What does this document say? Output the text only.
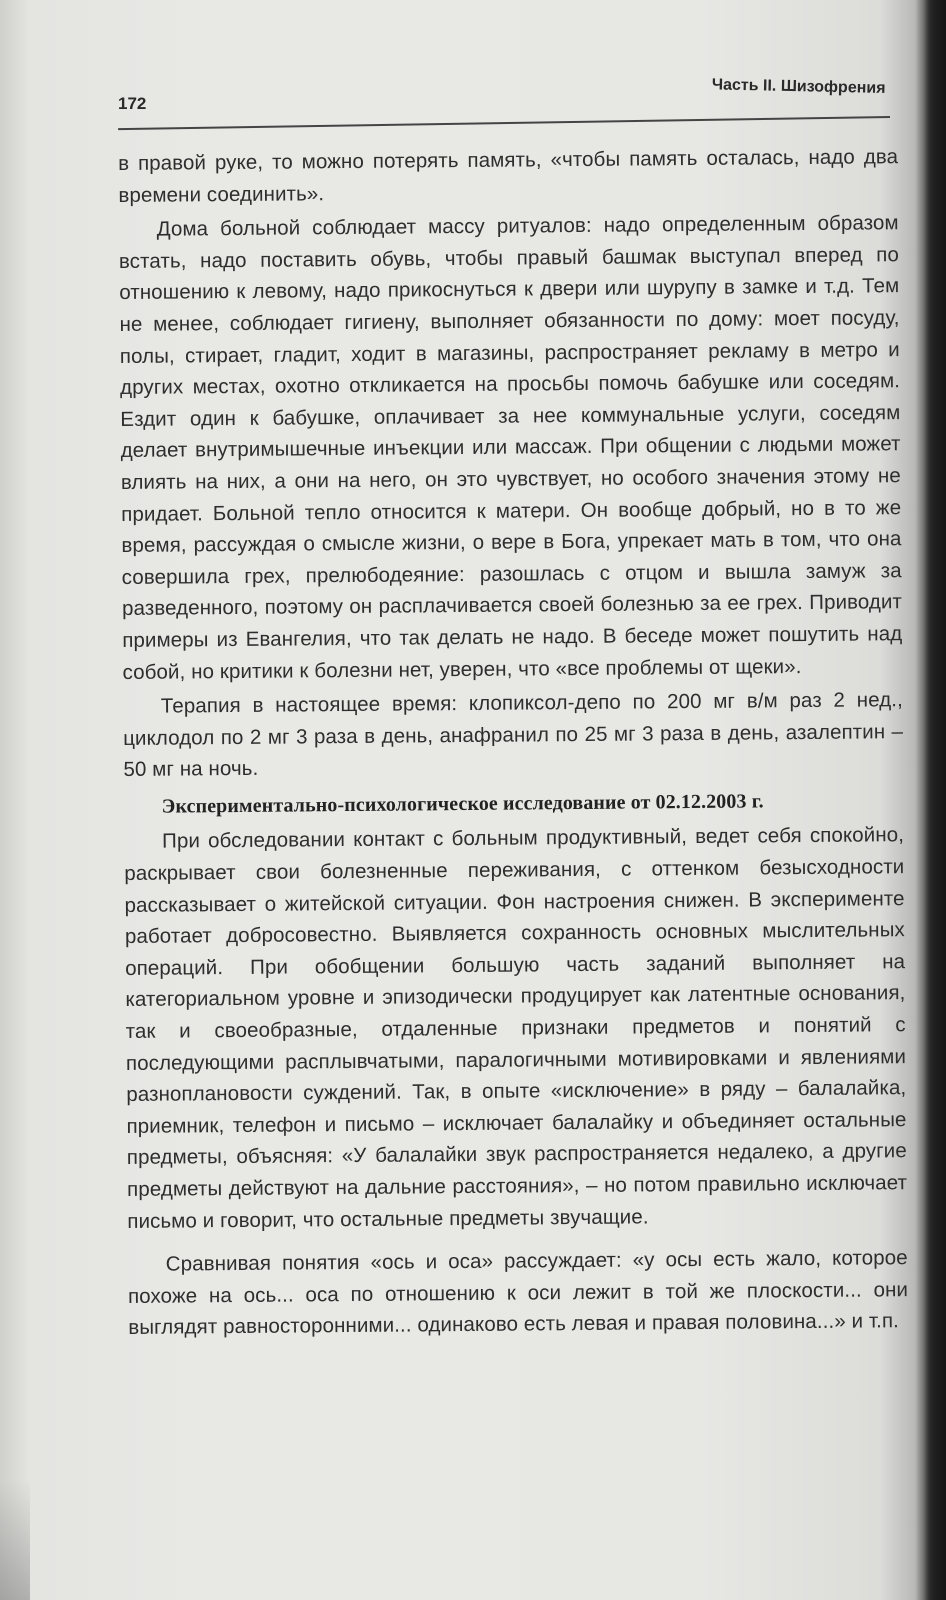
172
Часть II. Шизофрения

в правой руке, то можно потерять память, «чтобы память осталась, надо два времени соединить».

Дома больной соблюдает массу ритуалов: надо определенным образом встать, надо поставить обувь, чтобы правый башмак выступал вперед по отношению к левому, надо прикоснуться к двери или шурупу в замке и т.д. Тем не менее, соблюдает гигиену, выполняет обязанности по дому: моет посуду, полы, стирает, гладит, ходит в магазины, распространяет рекламу в метро и других местах, охотно откликается на просьбы помочь бабушке или соседям. Ездит один к бабушке, оплачивает за нее коммунальные услуги, соседям делает внутримышечные инъекции или массаж. При общении с людьми может влиять на них, а они на него, он это чувствует, но особого значения этому не придает. Больной тепло относится к матери. Он вообще добрый, но в то же время, рассуждая о смысле жизни, о вере в Бога, упрекает мать в том, что она совершила грех, прелюбодеяние: разошлась с отцом и вышла замуж за разведенного, поэтому он расплачивается своей болезнью за ее грех. Приводит примеры из Евангелия, что так делать не надо. В беседе может пошутить над собой, но критики к болезни нет, уверен, что «все проблемы от щеки».

Терапия в настоящее время: клопиксол-депо по 200 мг в/м раз 2 нед., циклодол по 2 мг 3 раза в день, анафранил по 25 мг 3 раза в день, азалептин – 50 мг на ночь.

Экспериментально-психологическое исследование от 02.12.2003 г.

При обследовании контакт с больным продуктивный, ведет себя спокойно, раскрывает свои болезненные переживания, с оттенком безысходности рассказывает о житейской ситуации. Фон настроения снижен. В эксперименте работает добросовестно. Выявляется сохранность основных мыслительных операций. При обобщении большую часть заданий выполняет на категориальном уровне и эпизодически продуцирует как латентные основания, так и своеобразные, отдаленные признаки предметов и понятий с последующими расплывчатыми, паралогичными мотивировками и явлениями разноплановости суждений. Так, в опыте «исключение» в ряду – балалайка, приемник, телефон и письмо – исключает балалайку и объединяет остальные предметы, объясняя: «У балалайки звук распространяется недалеко, а другие предметы действуют на дальние расстояния», – но потом правильно исключает письмо и говорит, что остальные предметы звучащие.

Сравнивая понятия «ось и оса» рассуждает: «у осы есть жало, которое похоже на ось... оса по отношению к оси лежит в той же плоскости... они выглядят равносторонними... одинаково есть левая и правая половина...» и т.п.
